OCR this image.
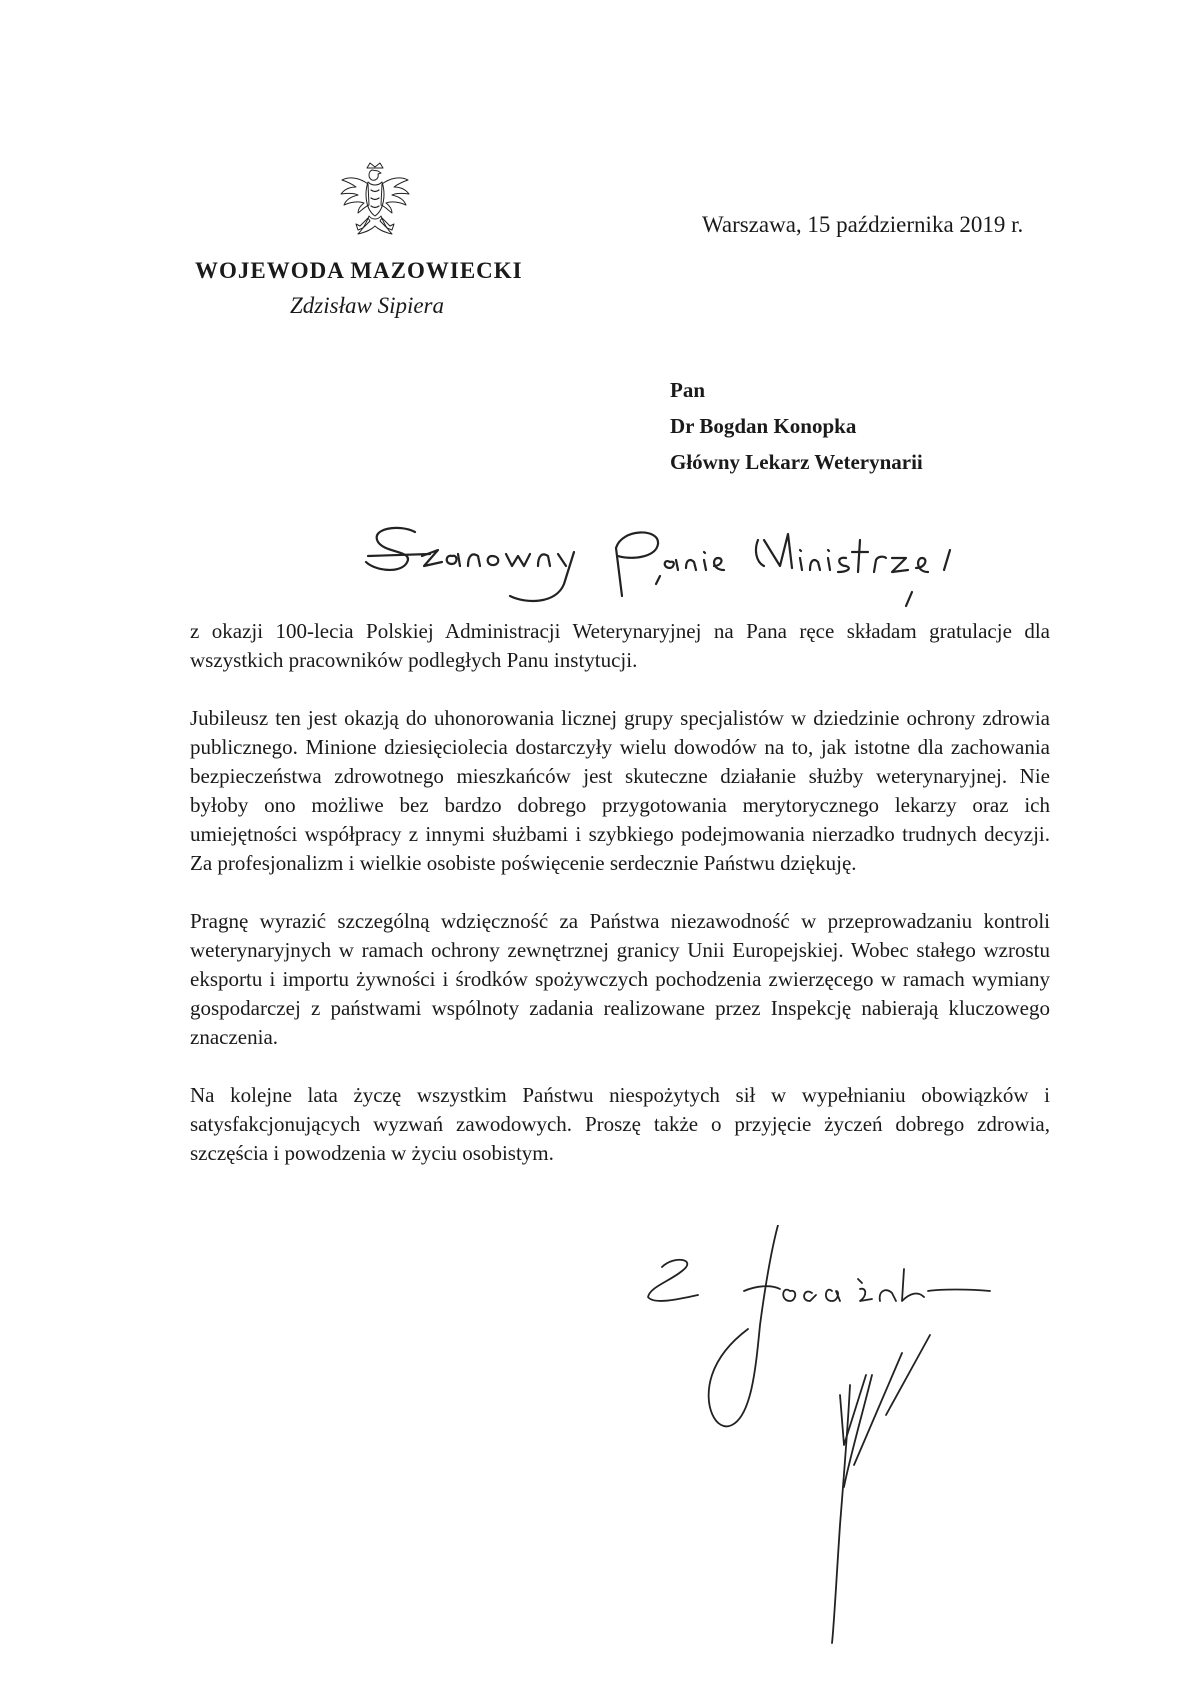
WOJEWODA MAZOWIECKI

Zdzisław Sipiera

Warszawa, 15 października 2019 r.

Pan
Dr Bogdan Konopka
Główny Lekarz Weterynarii

z okazji 100-lecia Polskiej Administracji Weterynaryjnej na Pana ręce składam gratulacje dla wszystkich pracowników podległych Panu instytucji.

Jubileusz ten jest okazją do uhonorowania licznej grupy specjalistów w dziedzinie ochrony zdrowia publicznego. Minione dziesięciolecia dostarczyły wielu dowodów na to, jak istotne dla zachowania bezpieczeństwa zdrowotnego mieszkańców jest skuteczne działanie służby weterynaryjnej. Nie byłoby ono możliwe bez bardzo dobrego przygotowania merytorycznego lekarzy oraz ich umiejętności współpracy z innymi służbami i szybkiego podejmowania nierzadko trudnych decyzji. Za profesjonalizm i wielkie osobiste poświęcenie serdecznie Państwu dziękuję.

Pragnę wyrazić szczególną wdzięczność za Państwa niezawodność w przeprowadzaniu kontroli weterynaryjnych w ramach ochrony zewnętrznej granicy Unii Europejskiej. Wobec stałego wzrostu eksportu i importu żywności i środków spożywczych pochodzenia zwierzęcego w ramach wymiany gospodarczej z państwami wspólnoty zadania realizowane przez Inspekcję nabierają kluczowego znaczenia.

Na kolejne lata życzę wszystkim Państwu niespożytych sił w wypełnianiu obowiązków i satysfakcjonujących wyzwań zawodowych. Proszę także o przyjęcie życzeń dobrego zdrowia, szczęścia i powodzenia w życiu osobistym.
